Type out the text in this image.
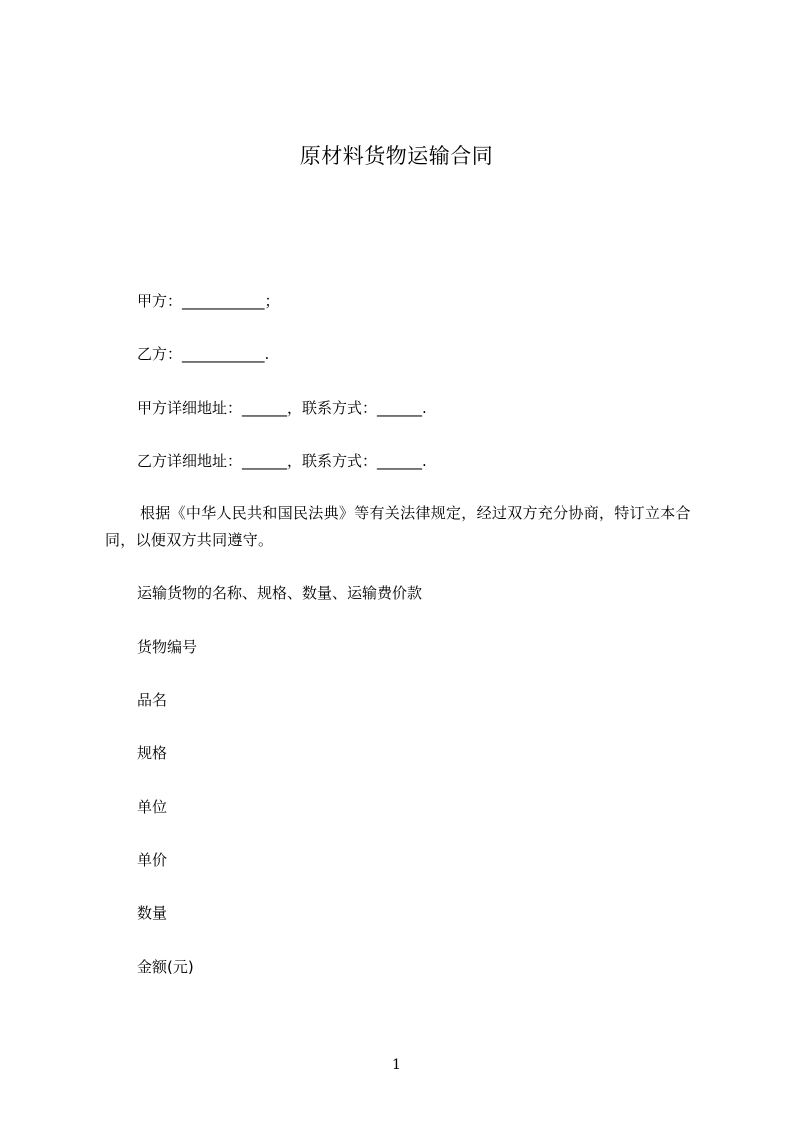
原材料货物运输合同
甲方：___________；
乙方：___________.
甲方详细地址：______，联系方式：______.
乙方详细地址：______，联系方式：______.
根据《中华人民共和国民法典》等有关法律规定，经过双方充分协商，特订立本合同，以便双方共同遵守。
运输货物的名称、规格、数量、运输费价款
货物编号
品名
规格
单位
单价
数量
金额(元)
1
